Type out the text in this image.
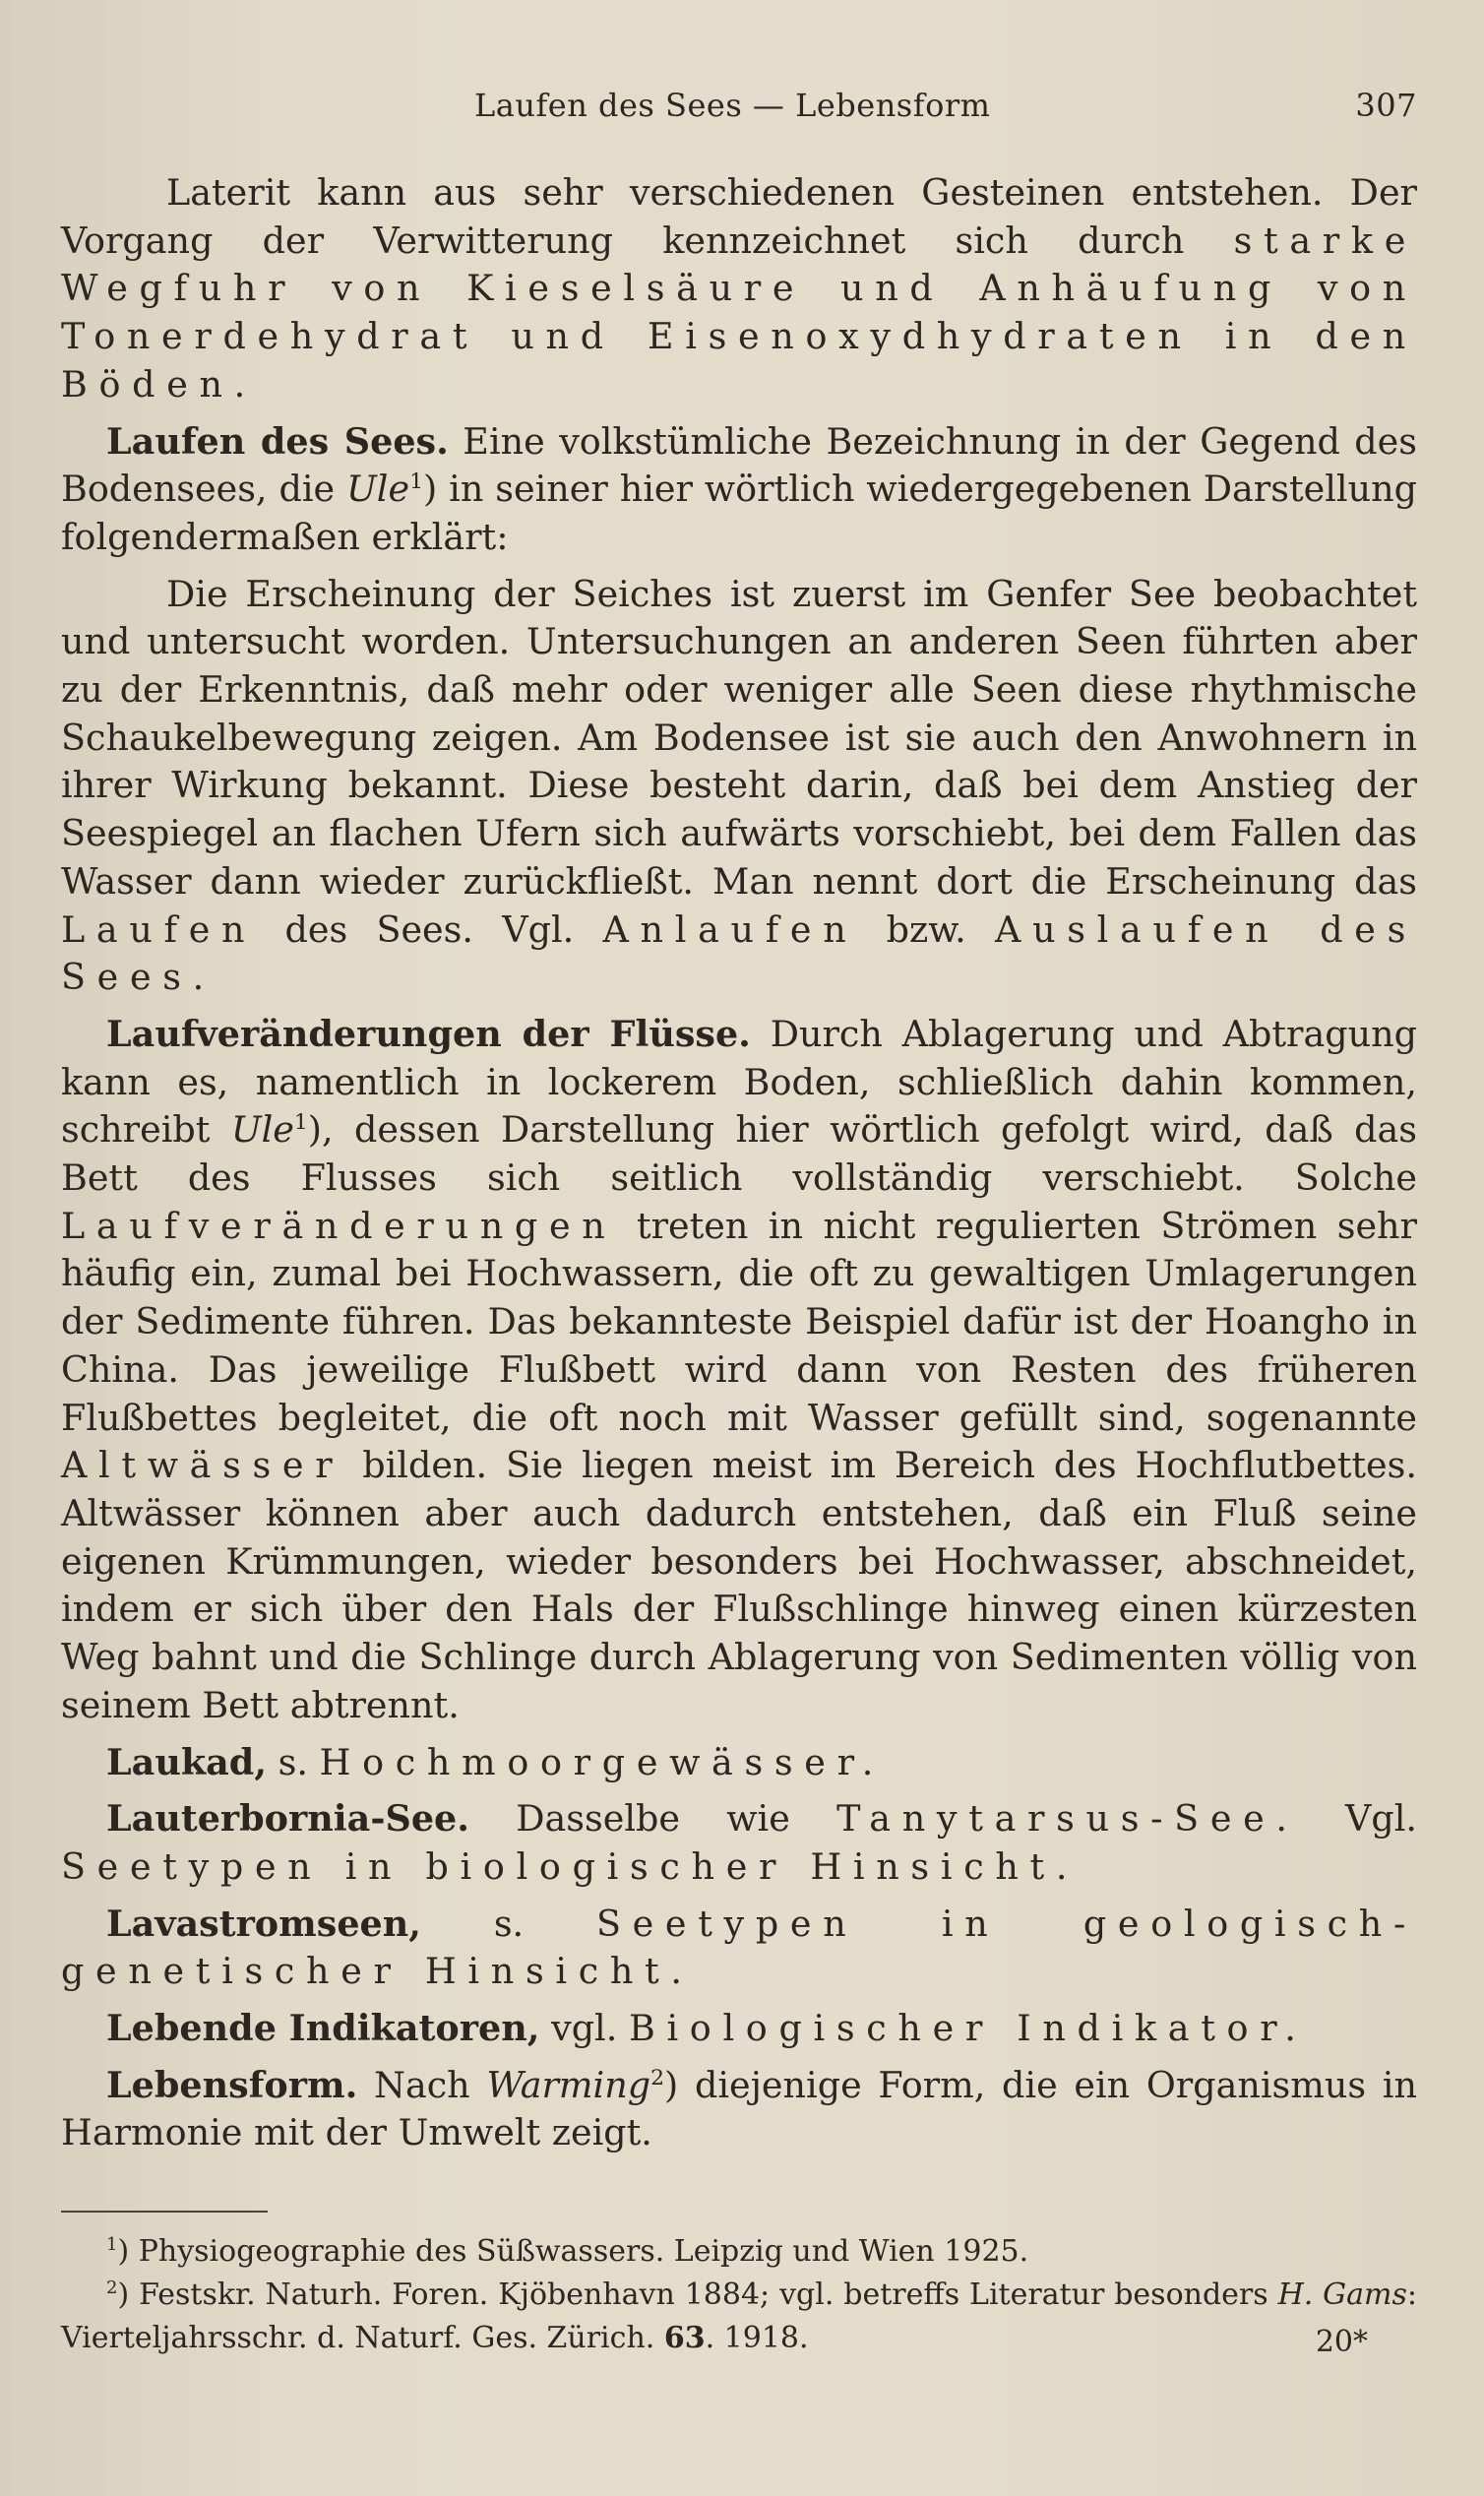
Laufen des Sees — Lebensform	307

Laterit kann aus sehr verschiedenen Gesteinen entstehen. Der Vorgang der Verwitterung kennzeichnet sich durch starke Wegfuhr von Kieselsäure und Anhäufung von Tonerdehydrat und Eisenoxydhydraten in den Böden.

Laufen des Sees. Eine volkstümliche Bezeichnung in der Gegend des Bodensees, die Ule$^1$) in seiner hier wörtlich wiedergegebenen Darstellung folgendermaßen erklärt:

Die Erscheinung der Seiches ist zuerst im Genfer See beobachtet und untersucht worden. Untersuchungen an anderen Seen führten aber zu der Erkenntnis, daß mehr oder weniger alle Seen diese rhythmische Schaukelbewegung zeigen. Am Bodensee ist sie auch den Anwohnern in ihrer Wirkung bekannt. Diese besteht darin, daß bei dem Anstieg der Seespiegel an flachen Ufern sich aufwärts vorschiebt, bei dem Fallen das Wasser dann wieder zurückfließt. Man nennt dort die Erscheinung das Laufen des Sees. Vgl. Anlaufen bzw. Auslaufen des Sees.

Laufveränderungen der Flüsse. Durch Ablagerung und Abtragung kann es, namentlich in lockerem Boden, schließlich dahin kommen, schreibt Ule$^1$), dessen Darstellung hier wörtlich gefolgt wird, daß das Bett des Flusses sich seitlich vollständig verschiebt. Solche Laufveränderungen treten in nicht regulierten Strömen sehr häufig ein, zumal bei Hochwassern, die oft zu gewaltigen Umlagerungen der Sedimente führen. Das bekannteste Beispiel dafür ist der Hoangho in China. Das jeweilige Flußbett wird dann von Resten des früheren Flußbettes begleitet, die oft noch mit Wasser gefüllt sind, sogenannte Altwässer bilden. Sie liegen meist im Bereich des Hochflutbettes. Altwässer können aber auch dadurch entstehen, daß ein Fluß seine eigenen Krümmungen, wieder besonders bei Hochwasser, abschneidet, indem er sich über den Hals der Flußschlinge hinweg einen kürzesten Weg bahnt und die Schlinge durch Ablagerung von Sedimenten völlig von seinem Bett abtrennt.

Laukad, s. Hochmoorgewässer.

Lauterbornia-See. Dasselbe wie Tanytarsus-See. Vgl. Seetypen in biologischer Hinsicht.

Lavastromseen, s. Seetypen in geologisch-genetischer Hinsicht.

Lebende Indikatoren, vgl. Biologischer Indikator.

Lebensform. Nach Warming$^2$) diejenige Form, die ein Organismus in Harmonie mit der Umwelt zeigt.

$^1$) Physiogeographie des Süßwassers. Leipzig und Wien 1925.

$^2$) Festskr. Naturh. Foren. Kjöbenhavn 1884; vgl. betreffs Literatur besonders H. Gams: Vierteljahrsschr. d. Naturf. Ges. Zürich. 63. 1918.	20*
